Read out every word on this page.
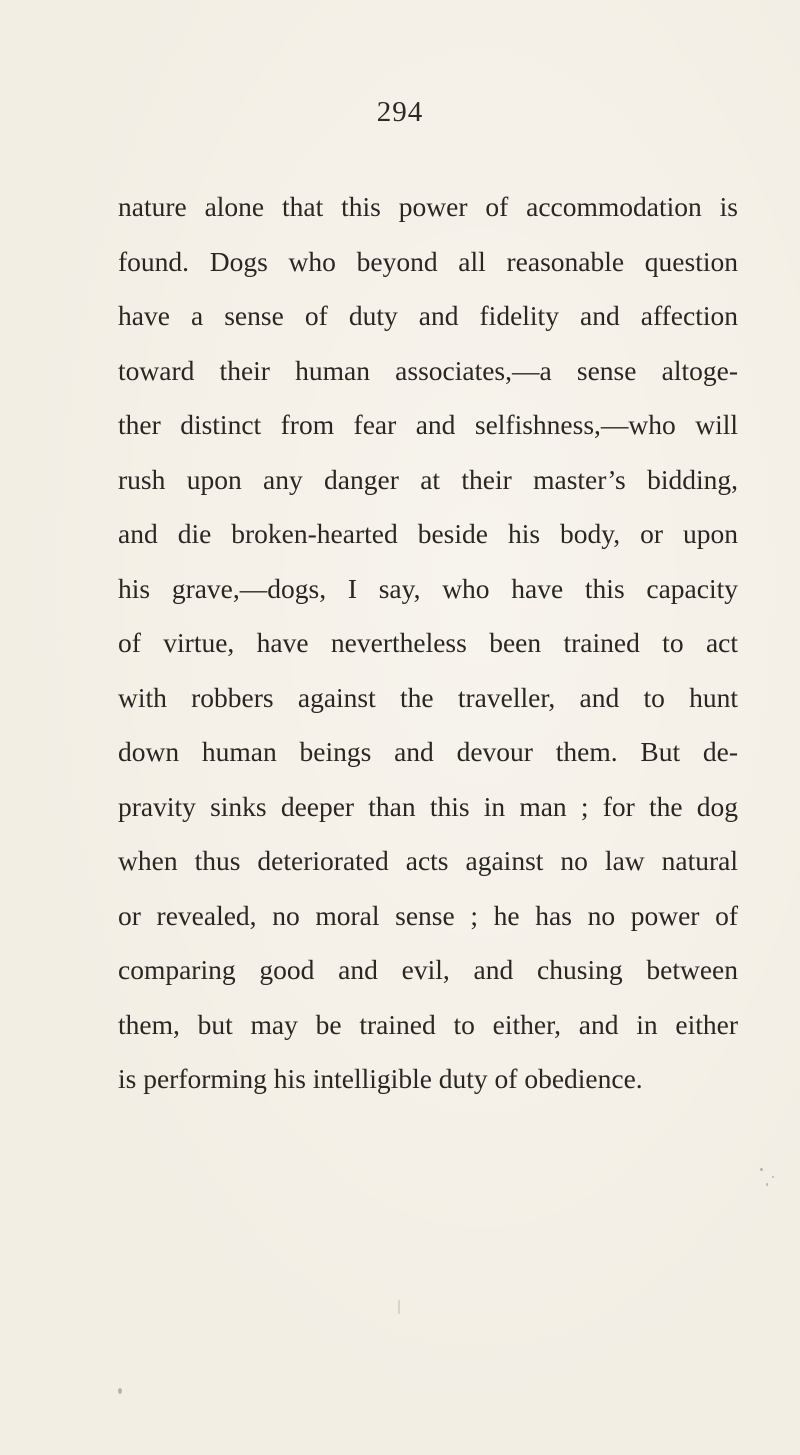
294
nature alone that this power of accommodation is
found. Dogs who beyond all reasonable question
have a sense of duty and fidelity and affection
toward their human associates,—a sense altoge-
ther distinct from fear and selfishness,—who will
rush upon any danger at their master’s bidding,
and die broken-hearted beside his body, or upon
his grave,—dogs, I say, who have this capacity
of virtue, have nevertheless been trained to act
with robbers against the traveller, and to hunt
down human beings and devour them. But de-
pravity sinks deeper than this in man ; for the dog
when thus deteriorated acts against no law natural
or revealed, no moral sense ; he has no power of
comparing good and evil, and chusing between
them, but may be trained to either, and in either
is performing his intelligible duty of obedience.
